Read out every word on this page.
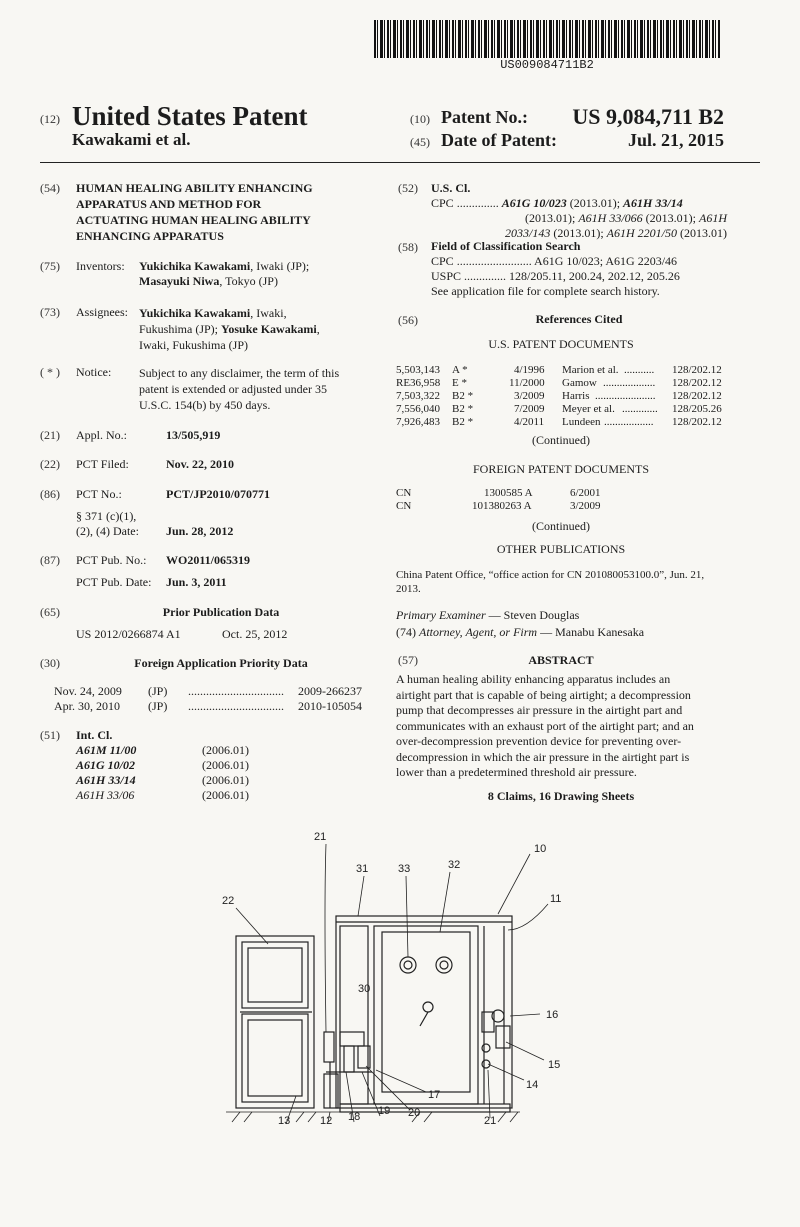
US009084711B2
(12) United States Patent
Kawakami et al.
(10) Patent No.:	US 9,084,711 B2
(45) Date of Patent:	Jul. 21, 2015
(54) HUMAN HEALING ABILITY ENHANCING
APPARATUS AND METHOD FOR
ACTUATING HUMAN HEALING ABILITY
ENHANCING APPARATUS
(75) Inventors: Yukichika Kawakami, Iwaki (JP);
Masayuki Niwa, Tokyo (JP)
(73) Assignees: Yukichika Kawakami, Iwaki,
Fukushima (JP); Yosuke Kawakami,
Iwaki, Fukushima (JP)
( * ) Notice: Subject to any disclaimer, the term of this
patent is extended or adjusted under 35
U.S.C. 154(b) by 450 days.
(21) Appl. No.:	13/505,919
(22) PCT Filed:	Nov. 22, 2010
(86) PCT No.:	PCT/JP2010/070771
§ 371 (c)(1),
(2), (4) Date: Jun. 28, 2012
(87) PCT Pub. No.: WO2011/065319
PCT Pub. Date: Jun. 3, 2011
(65)	Prior Publication Data
US 2012/0266874 A1	Oct. 25, 2012
(30)	Foreign Application Priority Data
Nov. 24, 2009 (JP) ................................ 2009-266237
Apr. 30, 2010 (JP) ................................ 2010-105054
(51) Int. Cl.
A61M 11/00	(2006.01)
A61G 10/02	(2006.01)
A61H 33/14	(2006.01)
A61H 33/06	(2006.01)
(52) U.S. Cl.
CPC .............. A61G 10/023 (2013.01); A61H 33/14
(2013.01); A61H 33/066 (2013.01); A61H
2033/143 (2013.01); A61H 2201/50 (2013.01)
(58) Field of Classification Search
CPC ......................... A61G 10/023; A61G 2203/46
USPC .............. 128/205.11, 200.24, 202.12, 205.26
See application file for complete search history.
(56)	References Cited
U.S. PATENT DOCUMENTS
5,503,143 A *	4/1996 Marion et al. ........... 128/202.12
RE36,958 E *	11/2000 Gamow ................... 128/202.12
7,503,322 B2 *	3/2009 Harris ...................... 128/202.12
7,556,040 B2 *	7/2009 Meyer et al. ............. 128/205.26
7,926,483 B2 *	4/2011 Lundeen .................. 128/202.12
(Continued)
FOREIGN PATENT DOCUMENTS
CN	1300585 A	6/2001
CN	101380263 A	3/2009
(Continued)
OTHER PUBLICATIONS
China Patent Office, “office action for CN 201080053100.0”, Jun. 21,
2013.
Primary Examiner — Steven Douglas
(74) Attorney, Agent, or Firm — Manabu Kanesaka
(57)	ABSTRACT
A human healing ability enhancing apparatus includes an
airtight part that is capable of being airtight; a decompression
pump that decompresses air pressure in the airtight part and
communicates with an exhaust port of the airtight part; and an
over-decompression prevention device for preventing over-
decompression in which the air pressure in the airtight part is
lower than a predetermined threshold air pressure.
8 Claims, 16 Drawing Sheets
21
10
31	33	32
22	11
30
16
15
14
17
13	12 18 19 20
21
